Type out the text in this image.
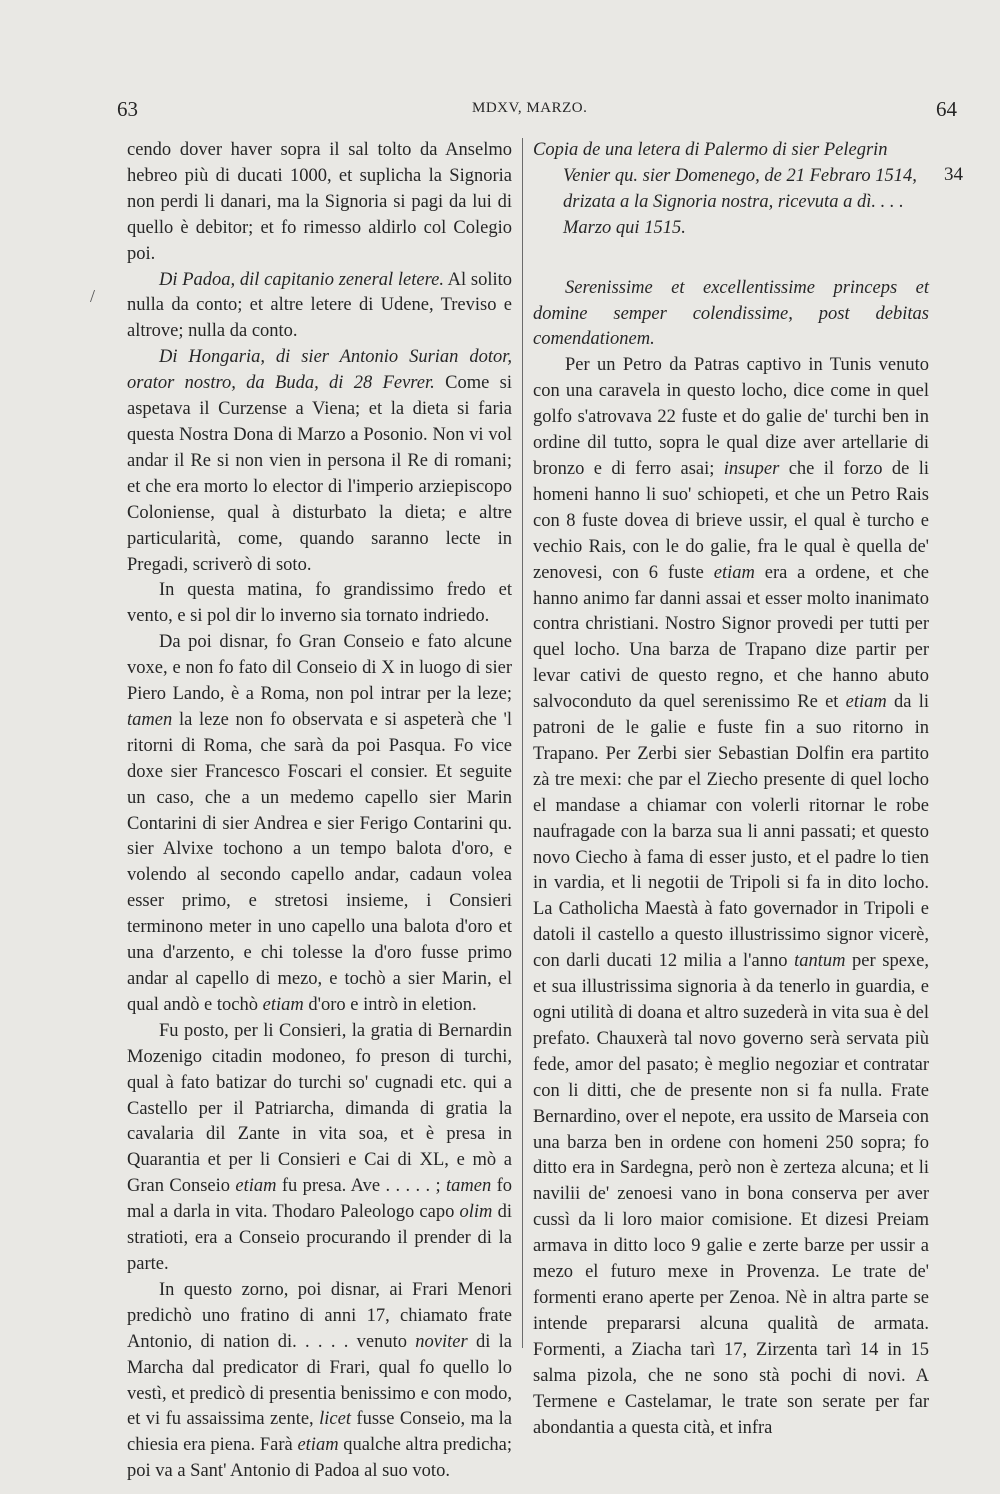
63	MDXV, MARZO.	64
34
/

cendo dover haver sopra il sal tolto da Anselmo hebreo più di ducati 1000, et suplicha la Signoria non perdi li danari, ma la Signoria si pagi da lui di quello è debitor; et fo rimesso aldirlo col Colegio poi.

Di Padoa, dil capitanio zeneral letere. Al solito nulla da conto; et altre letere di Udene, Treviso e altrove; nulla da conto.

Di Hongaria, di sier Antonio Surian dotor, orator nostro, da Buda, di 28 Fevrer. Come si aspetava il Curzense a Viena; et la dieta si faria questa Nostra Dona di Marzo a Posonio. Non vi vol andar il Re si non vien in persona il Re di romani; et che era morto lo elector di l'imperio arziepiscopo Coloniense, qual à disturbato la dieta; e altre particularità, come, quando saranno lecte in Pregadi, scriverò di soto.

In questa matina, fo grandissimo fredo et vento, e si pol dir lo inverno sia tornato indriedo.

Da poi disnar, fo Gran Conseio e fato alcune voxe, e non fo fato dil Conseio di X in luogo di sier Piero Lando, è a Roma, non pol intrar per la leze; tamen la leze non fo observata e si aspeterà che 'l ritorni di Roma, che sarà da poi Pasqua. Fo vice doxe sier Francesco Foscari el consier. Et seguite un caso, che a un medemo capello sier Marin Contarini di sier Andrea e sier Ferigo Contarini qu. sier Alvixe tochono a un tempo balota d'oro, e volendo al secondo capello andar, cadaun volea esser primo, e stretosi insieme, i Consieri terminono meter in uno capello una balota d'oro et una d'arzento, e chi tolesse la d'oro fusse primo andar al capello di mezo, e tochò a sier Marin, el qual andò e tochò etiam d'oro e intrò in eletion.

Fu posto, per li Consieri, la gratia di Bernardin Mozenigo citadin modoneo, fo preson di turchi, qual à fato batizar do turchi so' cugnadi etc. qui a Castello per il Patriarcha, dimanda di gratia la cavalaria dil Zante in vita soa, et è presa in Quarantia et per li Consieri e Cai di XL, e mò a Gran Conseio etiam fu presa. Ave . . . . . ; tamen fo mal a darla in vita. Thodaro Paleologo capo olim di stratioti, era a Conseio procurando il prender di la parte.

In questo zorno, poi disnar, ai Frari Menori predichò uno fratino di anni 17, chiamato frate Antonio, di nation di. . . . . venuto noviter di la Marcha dal predicator di Frari, qual fo quello lo vestì, et predicò di presentia benissimo e con modo, et vi fu assaissima zente, licet fusse Conseio, ma la chiesia era piena. Farà etiam qualche altra predicha; poi va a Sant' Antonio di Padoa al suo voto.

Copia de una letera di Palermo di sier Pelegrin Venier qu. sier Domenego, de 21 Febraro 1514, drizata a la Signoria nostra, ricevuta a dì. . . . Marzo qui 1515.

Serenissime et excellentissime princeps et domine semper colendissime, post debitas comendationem.

Per un Petro da Patras captivo in Tunis venuto con una caravela in questo locho, dice come in quel golfo s'atrovava 22 fuste et do galie de' turchi ben in ordine dil tutto, sopra le qual dize aver artellarie di bronzo e di ferro asai; insuper che il forzo de li homeni hanno li suo' schiopeti, et che un Petro Rais con 8 fuste dovea di brieve ussir, el qual è turcho e vechio Rais, con le do galie, fra le qual è quella de' zenovesi, con 6 fuste etiam era a ordene, et che hanno animo far danni assai et esser molto inanimato contra christiani. Nostro Signor provedi per tutti per quel locho. Una barza de Trapano dize partir per levar cativi de questo regno, et che hanno abuto salvoconduto da quel serenissimo Re et etiam da li patroni de le galie e fuste fin a suo ritorno in Trapano. Per Zerbi sier Sebastian Dolfin era partito zà tre mexi: che par el Ziecho presente di quel locho el mandase a chiamar con volerli ritornar le robe naufragade con la barza sua li anni passati; et questo novo Ciecho à fama di esser justo, et el padre lo tien in vardia, et li negotii de Tripoli si fa in dito locho. La Catholicha Maestà à fato governador in Tripoli e datoli il castello a questo illustrissimo signor vicerè, con darli ducati 12 milia a l'anno tantum per spexe, et sua illustrissima signoria à da tenerlo in guardia, e ogni utilità di doana et altro suzederà in vita sua è del prefato. Chauxerà tal novo governo serà servata più fede, amor del pasato; è meglio negoziar et contratar con li ditti, che de presente non si fa nulla. Frate Bernardino, over el nepote, era ussito de Marseia con una barza ben in ordene con homeni 250 sopra; fo ditto era in Sardegna, però non è zerteza alcuna; et li navilii de' zenoesi vano in bona conserva per aver cussì da li loro maior comisione. Et dizesi Preiam armava in ditto loco 9 galie e zerte barze per ussir a mezo el futuro mexe in Provenza. Le trate de' formenti erano aperte per Zenoa. Nè in altra parte se intende prepararsi alcuna qualità de armata. Formenti, a Ziacha tarì 17, Zirzenta tarì 14 in 15 salma pizola, che ne sono stà pochi di novi. A Termene e Castelamar, le trate son serate per far abondantia a questa cità, et infra
